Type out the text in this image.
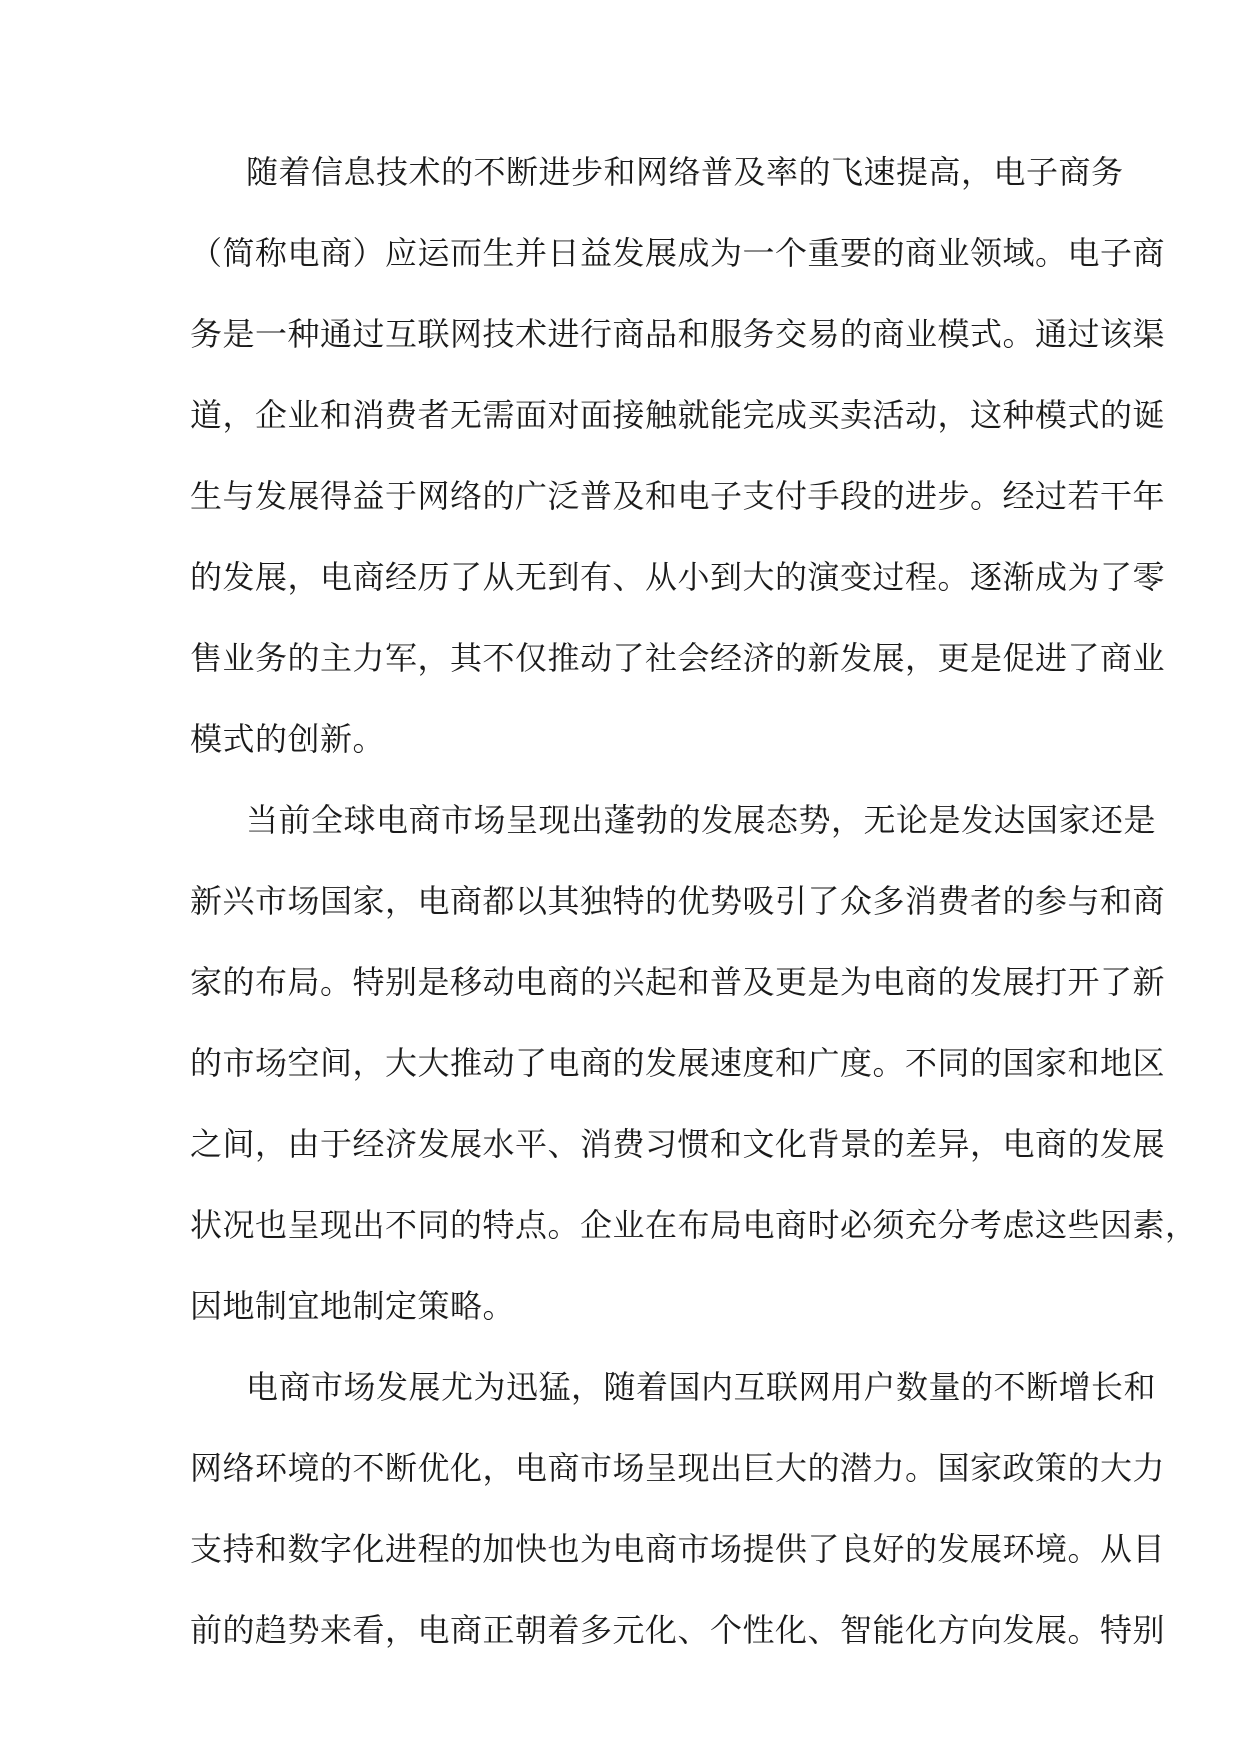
随着信息技术的不断进步和网络普及率的飞速提高，电子商务
（简称电商）应运而生并日益发展成为一个重要的商业领域。电子商
务是一种通过互联网技术进行商品和服务交易的商业模式。通过该渠
道，企业和消费者无需面对面接触就能完成买卖活动，这种模式的诞
生与发展得益于网络的广泛普及和电子支付手段的进步。经过若干年
的发展，电商经历了从无到有、从小到大的演变过程。逐渐成为了零
售业务的主力军，其不仅推动了社会经济的新发展，更是促进了商业
模式的创新。
当前全球电商市场呈现出蓬勃的发展态势，无论是发达国家还是
新兴市场国家，电商都以其独特的优势吸引了众多消费者的参与和商
家的布局。特别是移动电商的兴起和普及更是为电商的发展打开了新
的市场空间，大大推动了电商的发展速度和广度。不同的国家和地区
之间，由于经济发展水平、消费习惯和文化背景的差异，电商的发展
状况也呈现出不同的特点。企业在布局电商时必须充分考虑这些因素，
因地制宜地制定策略。
电商市场发展尤为迅猛，随着国内互联网用户数量的不断增长和
网络环境的不断优化，电商市场呈现出巨大的潜力。国家政策的大力
支持和数字化进程的加快也为电商市场提供了良好的发展环境。从目
前的趋势来看，电商正朝着多元化、个性化、智能化方向发展。特别
